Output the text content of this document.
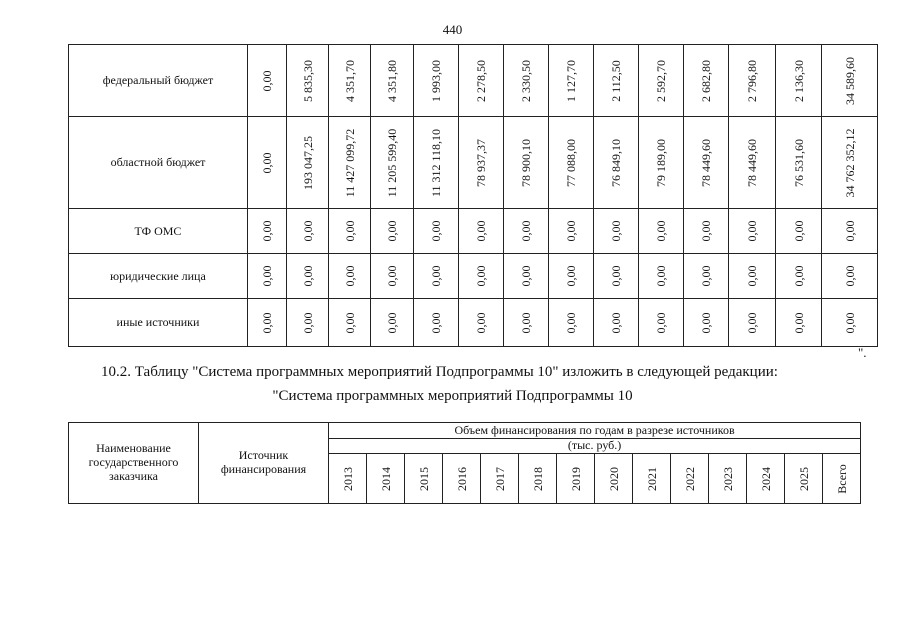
440
федеральный бюджет	0,00	5 835,30	4 351,70	4 351,80	1 993,00	2 278,50	2 330,50	1 127,70	2 112,50	2 592,70	2 682,80	2 796,80	2 136,30	34 589,60

областной бюджет	0,00	193 047,25	11 427 099,72	11 205 599,40	11 312 118,10	78 937,37	78 900,10	77 088,00	76 849,10	79 189,00	78 449,60	78 449,60	76 531,60	34 762 352,12

ТФ ОМС	0,00	0,00	0,00	0,00	0,00	0,00	0,00	0,00	0,00	0,00	0,00	0,00	0,00	0,00

юридические лица	0,00	0,00	0,00	0,00	0,00	0,00	0,00	0,00	0,00	0,00	0,00	0,00	0,00	0,00

иные источники	0,00	0,00	0,00	0,00	0,00	0,00	0,00	0,00	0,00	0,00	0,00	0,00	0,00	0,00
".
10.2. Таблицу "Система программных мероприятий Подпрограммы 10" изложить в следующей редакции:
"Система программных мероприятий Подпрограммы 10
Наименование государственного заказчика	Источник финансирования	Объем финансирования по годам в разрезе источников													
		(тыс. руб.)													

		2013	2014	2015	2016	2017	2018	2019	2020	2021	2022	2023	2024	2025	Всего
